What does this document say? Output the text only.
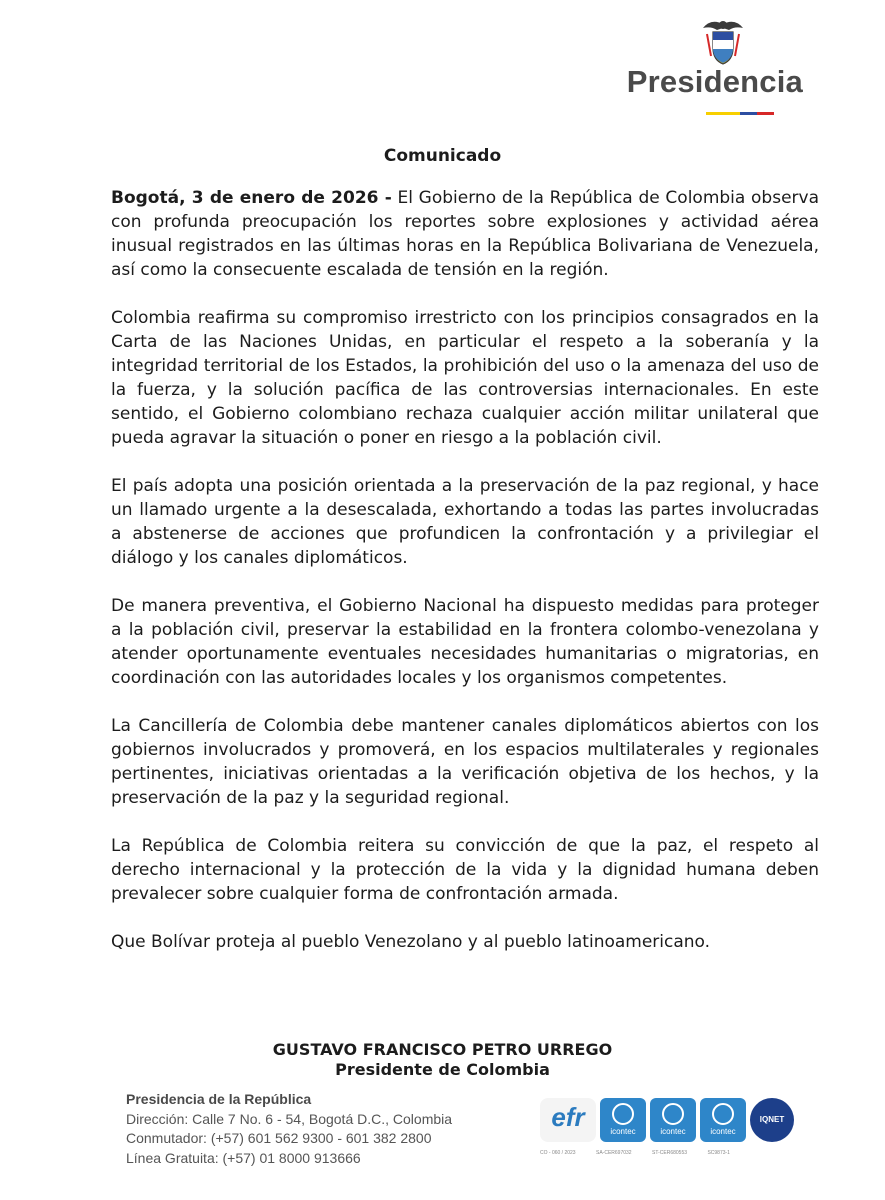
Presidencia
Comunicado

Bogotá, 3 de enero de 2026 - El Gobierno de la República de Colombia observa con profunda preocupación los reportes sobre explosiones y actividad aérea inusual registrados en las últimas horas en la República Bolivariana de Venezuela, así como la consecuente escalada de tensión en la región.

Colombia reafirma su compromiso irrestricto con los principios consagrados en la Carta de las Naciones Unidas, en particular el respeto a la soberanía y la integridad territorial de los Estados, la prohibición del uso o la amenaza del uso de la fuerza, y la solución pacífica de las controversias internacionales. En este sentido, el Gobierno colombiano rechaza cualquier acción militar unilateral que pueda agravar la situación o poner en riesgo a la población civil.

El país adopta una posición orientada a la preservación de la paz regional, y hace un llamado urgente a la desescalada, exhortando a todas las partes involucradas a abstenerse de acciones que profundicen la confrontación y a privilegiar el diálogo y los canales diplomáticos.

De manera preventiva, el Gobierno Nacional ha dispuesto medidas para proteger a la población civil, preservar la estabilidad en la frontera colombo-venezolana y atender oportunamente eventuales necesidades humanitarias o migratorias, en coordinación con las autoridades locales y los organismos competentes.

La Cancillería de Colombia debe mantener canales diplomáticos abiertos con los gobiernos involucrados y promoverá, en los espacios multilaterales y regionales pertinentes, iniciativas orientadas a la verificación objetiva de los hechos, y la preservación de la paz y la seguridad regional.

La República de Colombia reitera su convicción de que la paz, el respeto al derecho internacional y la protección de la vida y la dignidad humana deben prevalecer sobre cualquier forma de confrontación armada.

Que Bolívar proteja al pueblo Venezolano y al pueblo latinoamericano.

GUSTAVO FRANCISCO PETRO URREGO
Presidente de Colombia
Presidencia de la República
Dirección: Calle 7 No. 6 - 54, Bogotá D.C., Colombia
Conmutador: (+57) 601 562 9300 - 601 382 2800
Línea Gratuita: (+57) 01 8000 913666
efr	icontec	icontec	icontec
IQNET
CO - 060 / 2023	SA-CER697032	ST-CER680553	SC9873-1
